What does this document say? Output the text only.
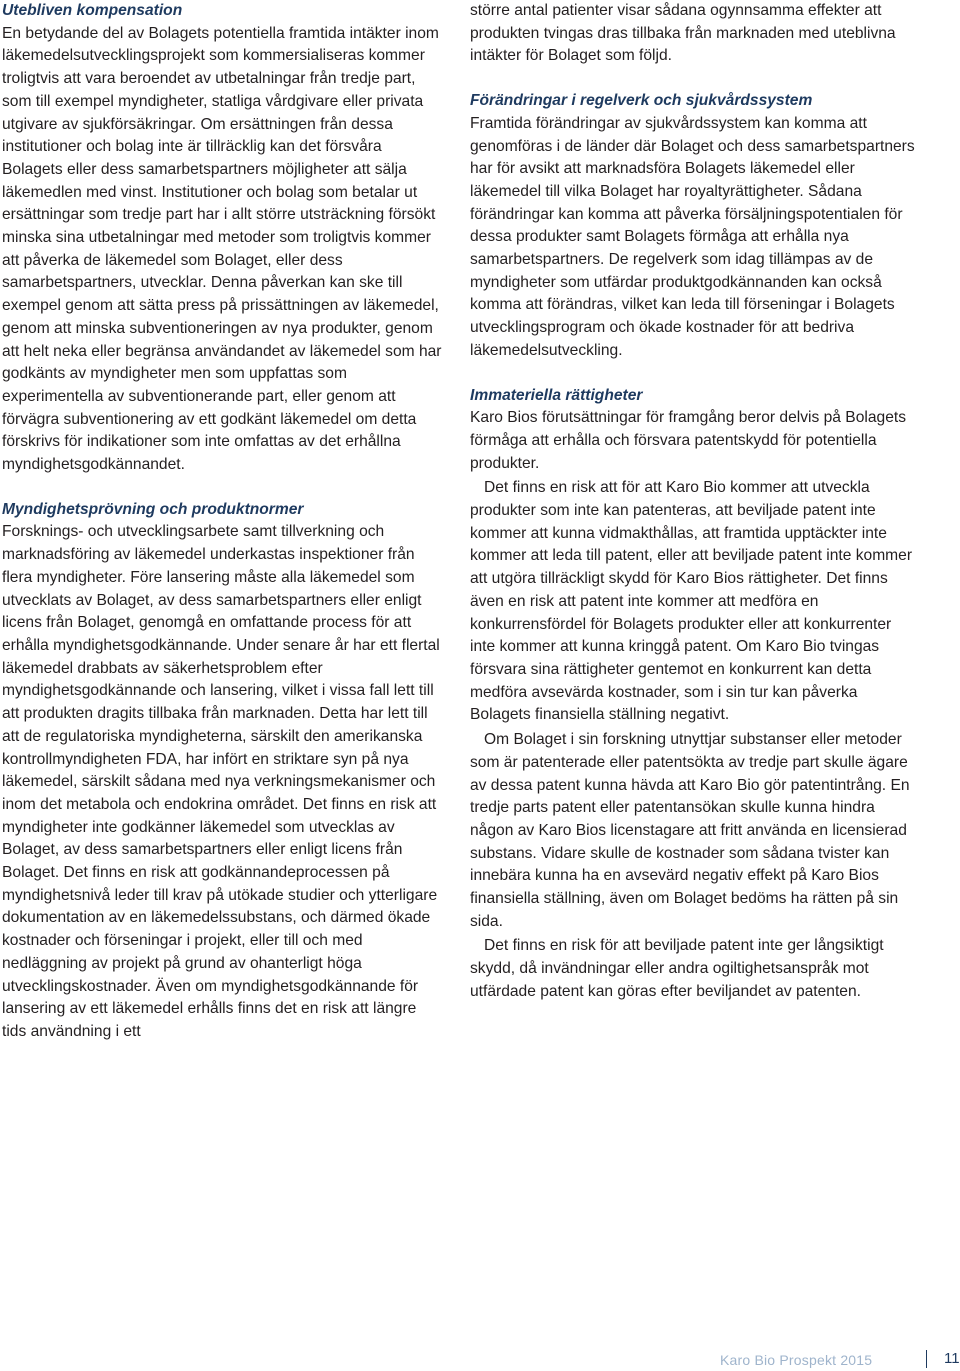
Utebliven kompensation

En betydande del av Bolagets potentiella framtida intäkter inom läkemedelsutvecklingsprojekt som kommersialiseras kommer troligtvis att vara beroendet av utbetalningar från tredje part, som till exempel myndigheter, statliga vårdgivare eller privata utgivare av sjukförsäkringar. Om ersättningen från dessa institutioner och bolag inte är tillräcklig kan det försvåra Bolagets eller dess samarbetspartners möjligheter att sälja läkemedlen med vinst. Institutioner och bolag som betalar ut ersättningar som tredje part har i allt större utsträckning försökt minska sina utbetalningar med metoder som troligtvis kommer att påverka de läkemedel som Bolaget, eller dess samarbetspartners, utvecklar. Denna påverkan kan ske till exempel genom att sätta press på prissättningen av läkemedel, genom att minska subventioneringen av nya produkter, genom att helt neka eller begränsa användandet av läkemedel som har godkänts av myndigheter men som uppfattas som experimentella av subventionerande part, eller genom att förvägra subventionering av ett godkänt läkemedel om detta förskrivs för indikationer som inte omfattas av det erhållna myndighetsgodkännandet.

Myndighetsprövning och produktnormer

Forsknings- och utvecklingsarbete samt tillverkning och marknadsföring av läkemedel underkastas inspektioner från flera myndigheter. Före lansering måste alla läkemedel som utvecklats av Bolaget, av dess samarbetspartners eller enligt licens från Bolaget, genomgå en omfattande process för att erhålla myndighetsgodkännande. Under senare år har ett flertal läkemedel drabbats av säkerhetsproblem efter myndighetsgodkännande och lansering, vilket i vissa fall lett till att produkten dragits tillbaka från marknaden. Detta har lett till att de regulatoriska myndigheterna, särskilt den amerikanska kontrollmyndigheten FDA, har infört en striktare syn på nya läkemedel, särskilt sådana med nya verkningsmekanismer och inom det metabola och endokrina området. Det finns en risk att myndigheter inte godkänner läkemedel som utvecklas av Bolaget, av dess samarbetspartners eller enligt licens från Bolaget. Det finns en risk att godkännandeprocessen på myndighetsnivå leder till krav på utökade studier och ytterligare dokumentation av en läkemedelssubstans, och därmed ökade kostnader och förseningar i projekt, eller till och med nedläggning av projekt på grund av ohanterligt höga utvecklingskostnader. Även om myndighetsgodkännande för lansering av ett läkemedel erhålls finns det en risk att längre tids användning i ett

större antal patienter visar sådana ogynnsamma effekter att produkten tvingas dras tillbaka från marknaden med uteblivna intäkter för Bolaget som följd.

Förändringar i regelverk och sjukvårdssystem

Framtida förändringar av sjukvårdssystem kan komma att genomföras i de länder där Bolaget och dess samarbetspartners har för avsikt att marknadsföra Bolagets läkemedel eller läkemedel till vilka Bolaget har royaltyrättigheter. Sådana förändringar kan komma att påverka försäljningspotentialen för dessa produkter samt Bolagets förmåga att erhålla nya samarbetspartners. De regelverk som idag tillämpas av de myndigheter som utfärdar produktgodkännanden kan också komma att förändras, vilket kan leda till förseningar i Bolagets utvecklingsprogram och ökade kostnader för att bedriva läkemedelsutveckling.

Immateriella rättigheter

Karo Bios förutsättningar för framgång beror delvis på Bolagets förmåga att erhålla och försvara patentskydd för potentiella produkter.

Det finns en risk att för att Karo Bio kommer att utveckla produkter som inte kan patenteras, att beviljade patent inte kommer att kunna vidmakthållas, att framtida upptäckter inte kommer att leda till patent, eller att beviljade patent inte kommer att utgöra tillräckligt skydd för Karo Bios rättigheter. Det finns även en risk att patent inte kommer att medföra en konkurrensfördel för Bolagets produkter eller att konkurrenter inte kommer att kunna kringgå patent. Om Karo Bio tvingas försvara sina rättigheter gentemot en konkurrent kan detta medföra avsevärda kostnader, som i sin tur kan påverka Bolagets finansiella ställning negativt.

Om Bolaget i sin forskning utnyttjar substanser eller metoder som är patenterade eller patentsökta av tredje part skulle ägare av dessa patent kunna hävda att Karo Bio gör patentintrång. En tredje parts patent eller patentansökan skulle kunna hindra någon av Karo Bios licenstagare att fritt använda en licensierad substans. Vidare skulle de kostnader som sådana tvister kan innebära kunna ha en avsevärd negativ effekt på Karo Bios finansiella ställning, även om Bolaget bedöms ha rätten på sin sida.

Det finns en risk för att beviljade patent inte ger långsiktigt skydd, då invändningar eller andra ogiltighetsanspråk mot utfärdade patent kan göras efter beviljandet av patenten.

Karo Bio Prospekt 2015	11
